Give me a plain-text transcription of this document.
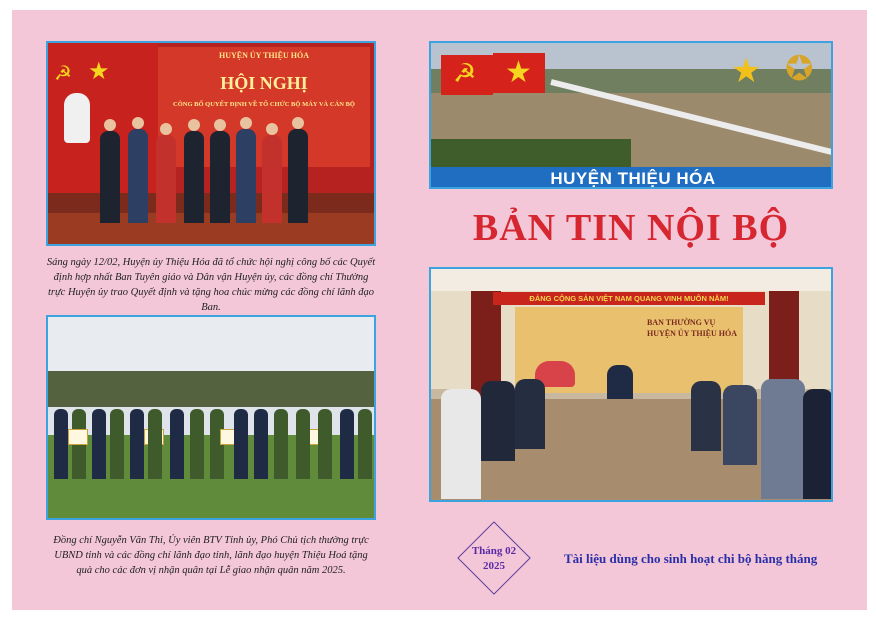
☭ ★
HUYỆN ỦY THIỆU HÓA
HỘI NGHỊ
CÔNG BỐ QUYẾT ĐỊNH VỀ TỔ CHỨC BỘ MÁY VÀ CÁN BỘ
Sáng ngày 12/02, Huyện ủy Thiệu Hóa đã tổ chức hội nghị công bố các Quyết định hợp nhất Ban Tuyên giáo và Dân vận Huyện ủy, các đồng chí Thường trực Huyện ủy trao Quyết định và tặng hoa chúc mừng các đồng chí lãnh đạo Ban.
Đồng chí Nguyễn Văn Thi, Ủy viên BTV Tỉnh ủy, Phó Chủ tịch thường trực UBND tỉnh và các đồng chí lãnh đạo tỉnh, lãnh đạo huyện Thiệu Hoá tặng quà cho các đơn vị nhận quân tại Lễ giao nhận quân năm 2025.
☭ ★	★ ✪
HUYỆN THIỆU HÓA
BẢN TIN NỘI BỘ
ĐẢNG CỘNG SẢN VIỆT NAM QUANG VINH MUÔN NĂM!
BAN THƯỜNG VỤ
HUYỆN ỦY THIỆU HÓA
Tháng 02
2025	Tài liệu dùng cho sinh hoạt chi bộ hàng tháng
